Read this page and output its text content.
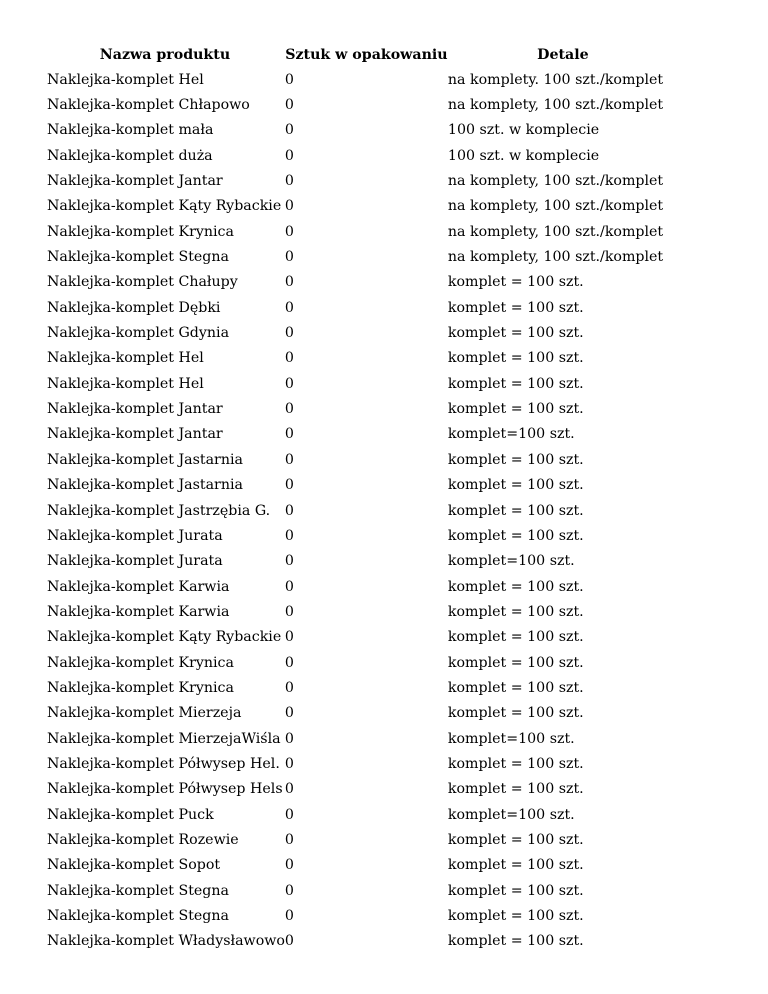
Nazwa produktu	Sztuk w opakowaniu	Detale
Naklejka-komplet Hel	0	na komplety. 100 szt./komplet
Naklejka-komplet Chłapowo	0	na komplety, 100 szt./komplet
Naklejka-komplet mała	0	100 szt. w komplecie
Naklejka-komplet duża	0	100 szt. w komplecie
Naklejka-komplet Jantar	0	na komplety, 100 szt./komplet
Naklejka-komplet Kąty Rybackie	0	na komplety, 100 szt./komplet
Naklejka-komplet Krynica	0	na komplety, 100 szt./komplet
Naklejka-komplet Stegna	0	na komplety, 100 szt./komplet
Naklejka-komplet Chałupy	0	komplet = 100 szt.
Naklejka-komplet Dębki	0	komplet = 100 szt.
Naklejka-komplet Gdynia	0	komplet = 100 szt.
Naklejka-komplet Hel	0	komplet = 100 szt.
Naklejka-komplet Hel	0	komplet = 100 szt.
Naklejka-komplet Jantar	0	komplet = 100 szt.
Naklejka-komplet Jantar	0	komplet=100 szt.
Naklejka-komplet Jastarnia	0	komplet = 100 szt.
Naklejka-komplet Jastarnia	0	komplet = 100 szt.
Naklejka-komplet Jastrzębia G.	0	komplet = 100 szt.
Naklejka-komplet Jurata	0	komplet = 100 szt.
Naklejka-komplet Jurata	0	komplet=100 szt.
Naklejka-komplet Karwia	0	komplet = 100 szt.
Naklejka-komplet Karwia	0	komplet = 100 szt.
Naklejka-komplet Kąty Rybackie	0	komplet = 100 szt.
Naklejka-komplet Krynica	0	komplet = 100 szt.
Naklejka-komplet Krynica	0	komplet = 100 szt.
Naklejka-komplet Mierzeja	0	komplet = 100 szt.
Naklejka-komplet MierzejaWiśla	0	komplet=100 szt.
Naklejka-komplet Półwysep Hel.	0	komplet = 100 szt.
Naklejka-komplet Półwysep Hels	0	komplet = 100 szt.
Naklejka-komplet Puck	0	komplet=100 szt.
Naklejka-komplet Rozewie	0	komplet = 100 szt.
Naklejka-komplet Sopot	0	komplet = 100 szt.
Naklejka-komplet Stegna	0	komplet = 100 szt.
Naklejka-komplet Stegna	0	komplet = 100 szt.
Naklejka-komplet Władysławowo	0	komplet = 100 szt.
